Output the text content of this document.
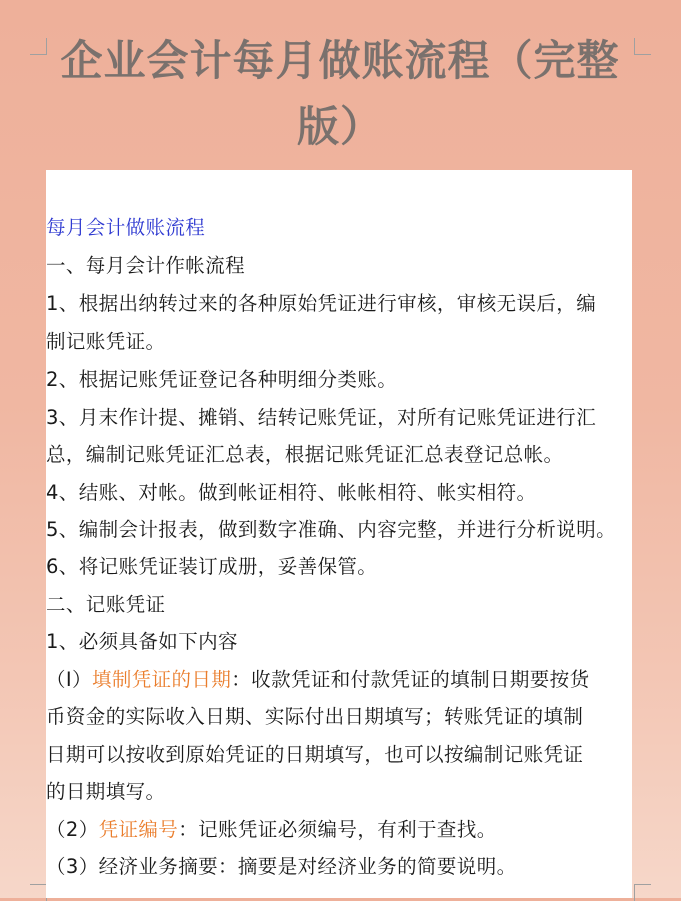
企业会计每月做账流程（完整
版）
每月会计做账流程
一、每月会计作帐流程
1、根据出纳转过来的各种原始凭证进行审核，审核无误后，编
制记账凭证。
2、根据记账凭证登记各种明细分类账。
3、月末作计提、摊销、结转记账凭证，对所有记账凭证进行汇
总，编制记账凭证汇总表，根据记账凭证汇总表登记总帐。
4、结账、对帐。做到帐证相符、帐帐相符、帐实相符。
5、编制会计报表，做到数字准确、内容完整，并进行分析说明。
6、将记账凭证装订成册，妥善保管。
二、记账凭证
1、必须具备如下内容
（I）填制凭证的日期：收款凭证和付款凭证的填制日期要按货
币资金的实际收入日期、实际付出日期填写；转账凭证的填制
日期可以按收到原始凭证的日期填写，也可以按编制记账凭证
的日期填写。
（2）凭证编号：记账凭证必须编号，有利于查找。
（3）经济业务摘要：摘要是对经济业务的简要说明。
